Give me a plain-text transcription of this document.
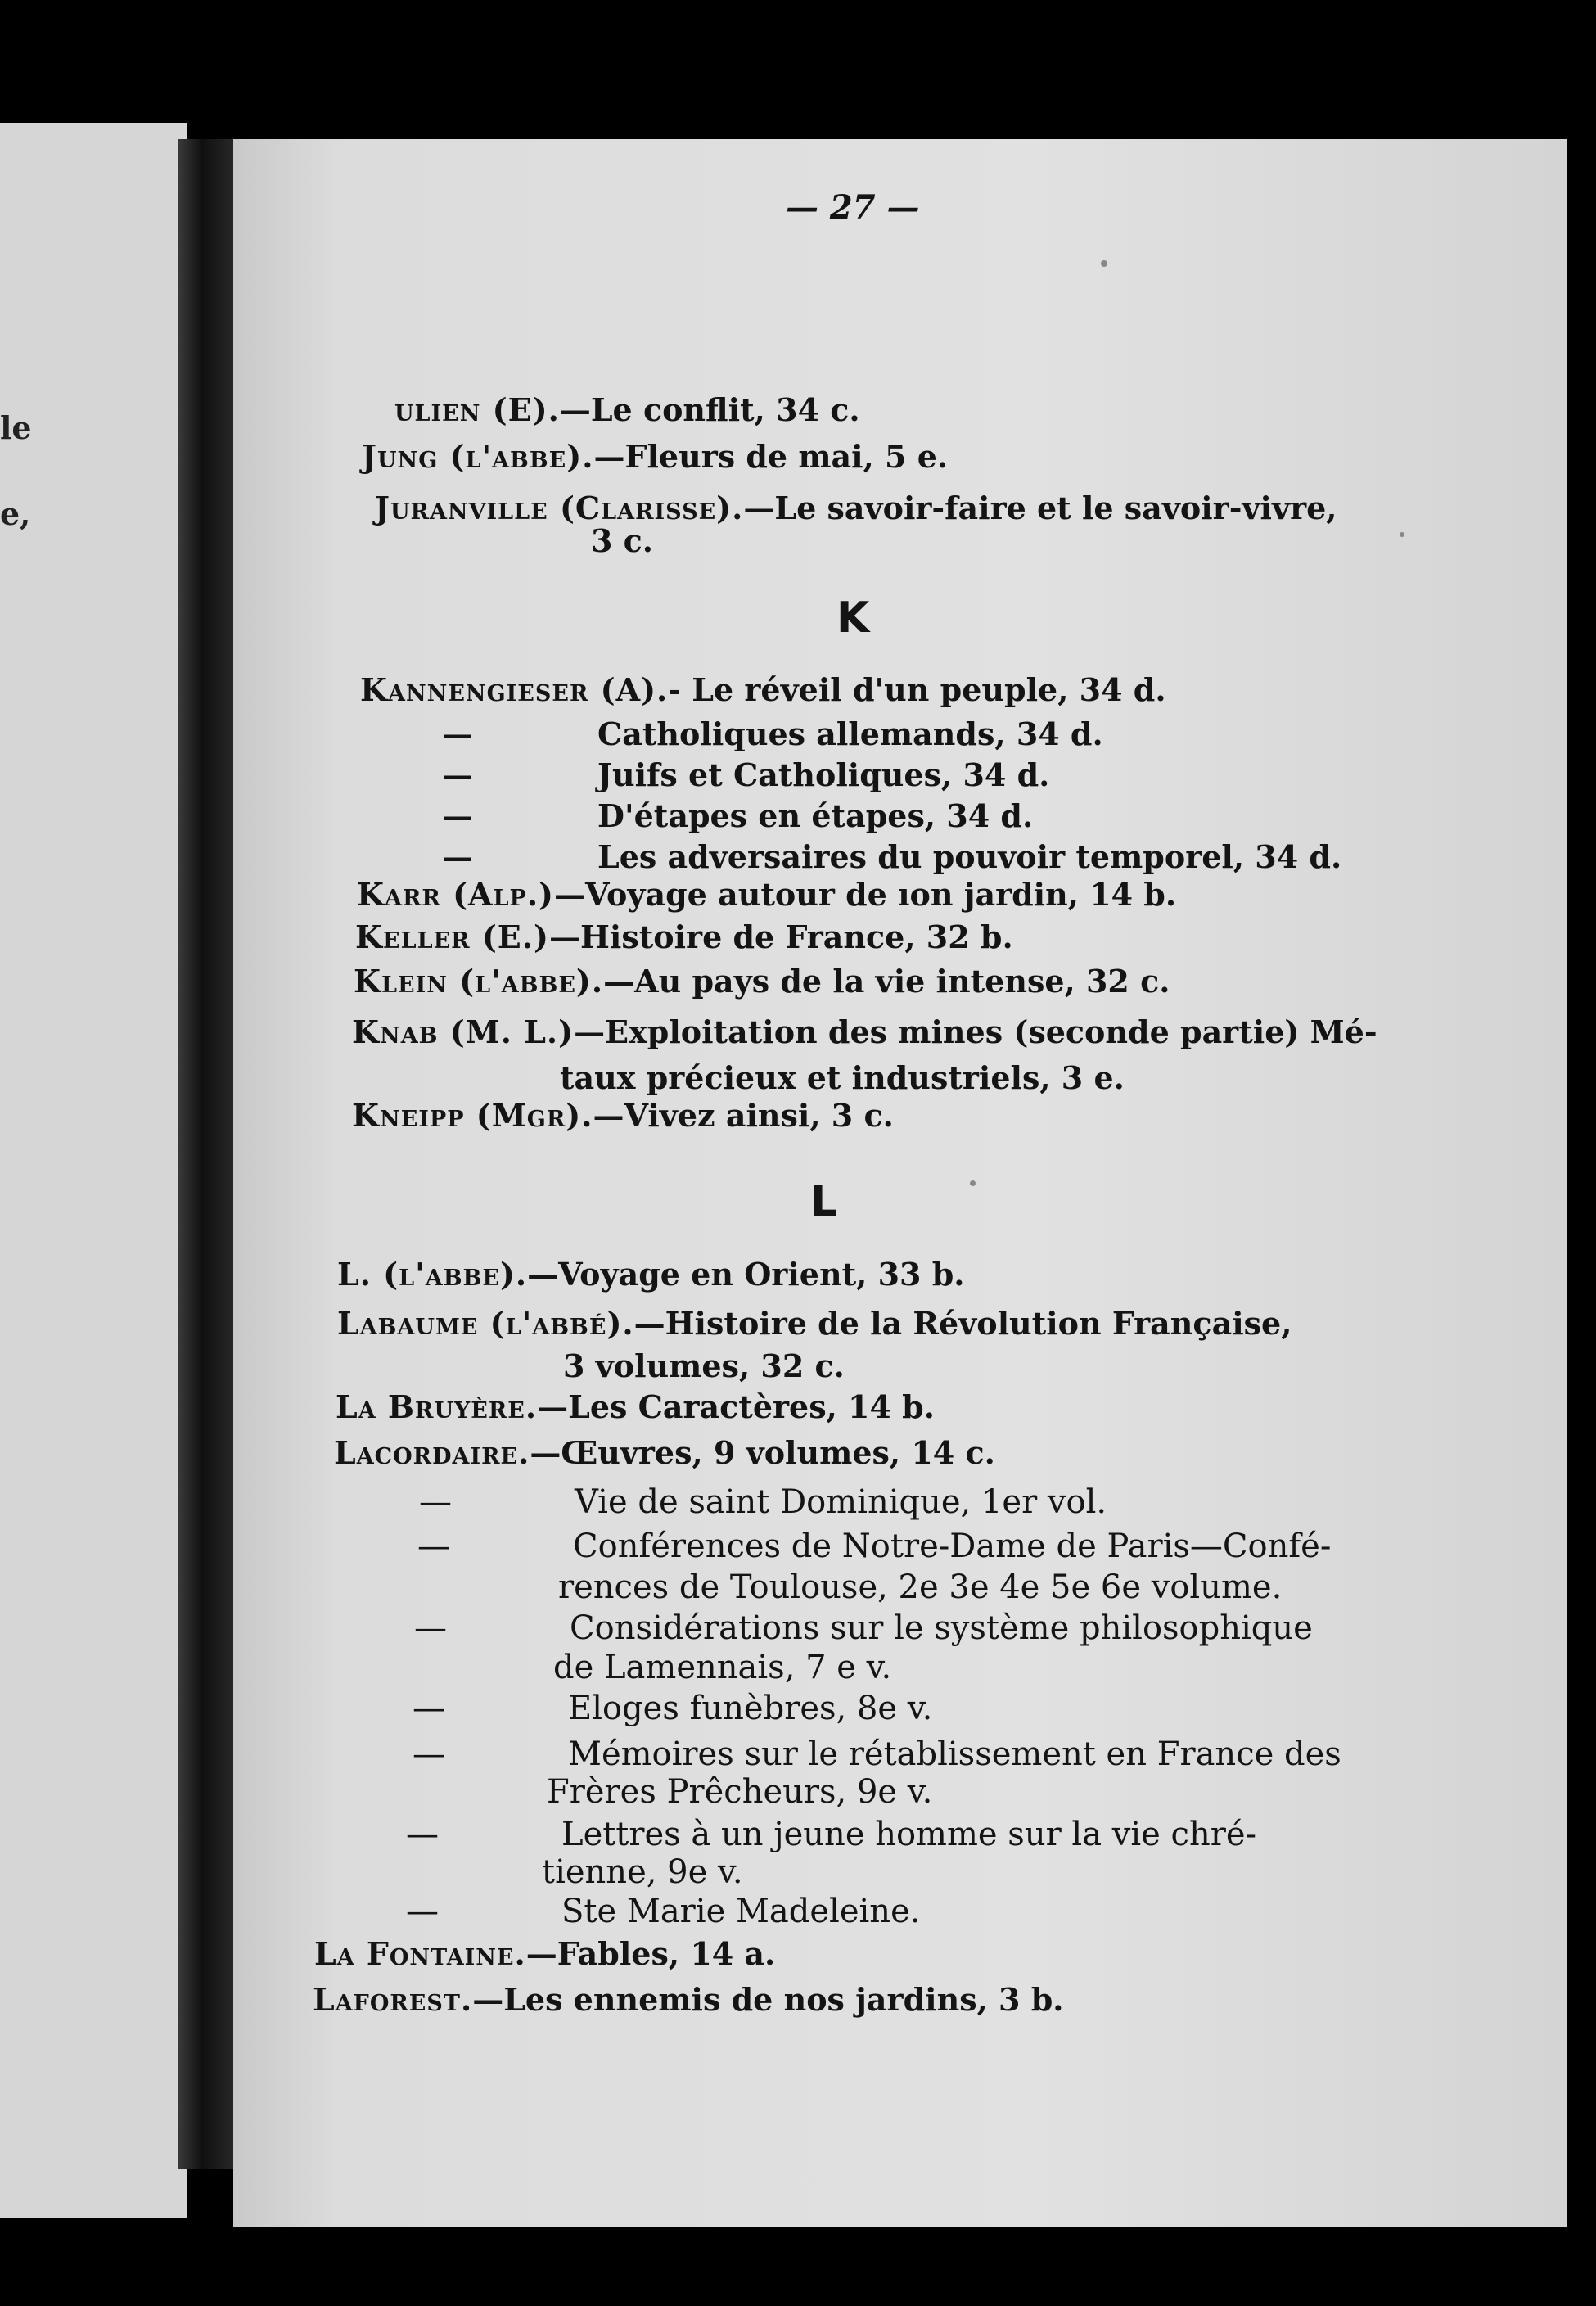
le
e,
— 27 —
ulien (E).—Le conflit, 34 c.
Jung (l'abbe).—Fleurs de mai, 5 e.
Juranville (Clarisse).—Le savoir-faire et le savoir-vivre,
3 c.
K
Kannengieser (A).- Le réveil d'un peuple, 34 d.
—	Catholiques allemands, 34 d.
—	Juifs et Catholiques, 34 d.
—	D'étapes en étapes, 34 d.
—	Les adversaires du pouvoir temporel, 34 d.
Karr (Alp.)—Voyage autour de ıon jardin, 14 b.
Keller (E.)—Histoire de France, 32 b.
Klein (l'abbe).—Au pays de la vie intense, 32 c.
Knab (M. L.)—Exploitation des mines (seconde partie) Mé-
taux précieux et industriels, 3 e.
Kneipp (Mgr).—Vivez ainsi, 3 c.
L
L. (l'abbe).—Voyage en Orient, 33 b.
Labaume (l'abbé).—Histoire de la Révolution Française,
3 volumes, 32 c.
La Bruyère.—Les Caractères, 14 b.
Lacordaire.—Œuvres, 9 volumes, 14 c.
—	Vie de saint Dominique, 1er vol.
—	Conférences de Notre-Dame de Paris—Confé-
rences de Toulouse, 2e 3e 4e 5e 6e volume.
—	Considérations sur le système philosophique
de Lamennais, 7 e v.
—	Eloges funèbres, 8e v.
—	Mémoires sur le rétablissement en France des
Frères Prêcheurs, 9e v.
—	Lettres à un jeune homme sur la vie chré-
tienne, 9e v.
—	Ste Marie Madeleine.
La Fontaine.—Fables, 14 a.
Laforest.—Les ennemis de nos jardins, 3 b.
